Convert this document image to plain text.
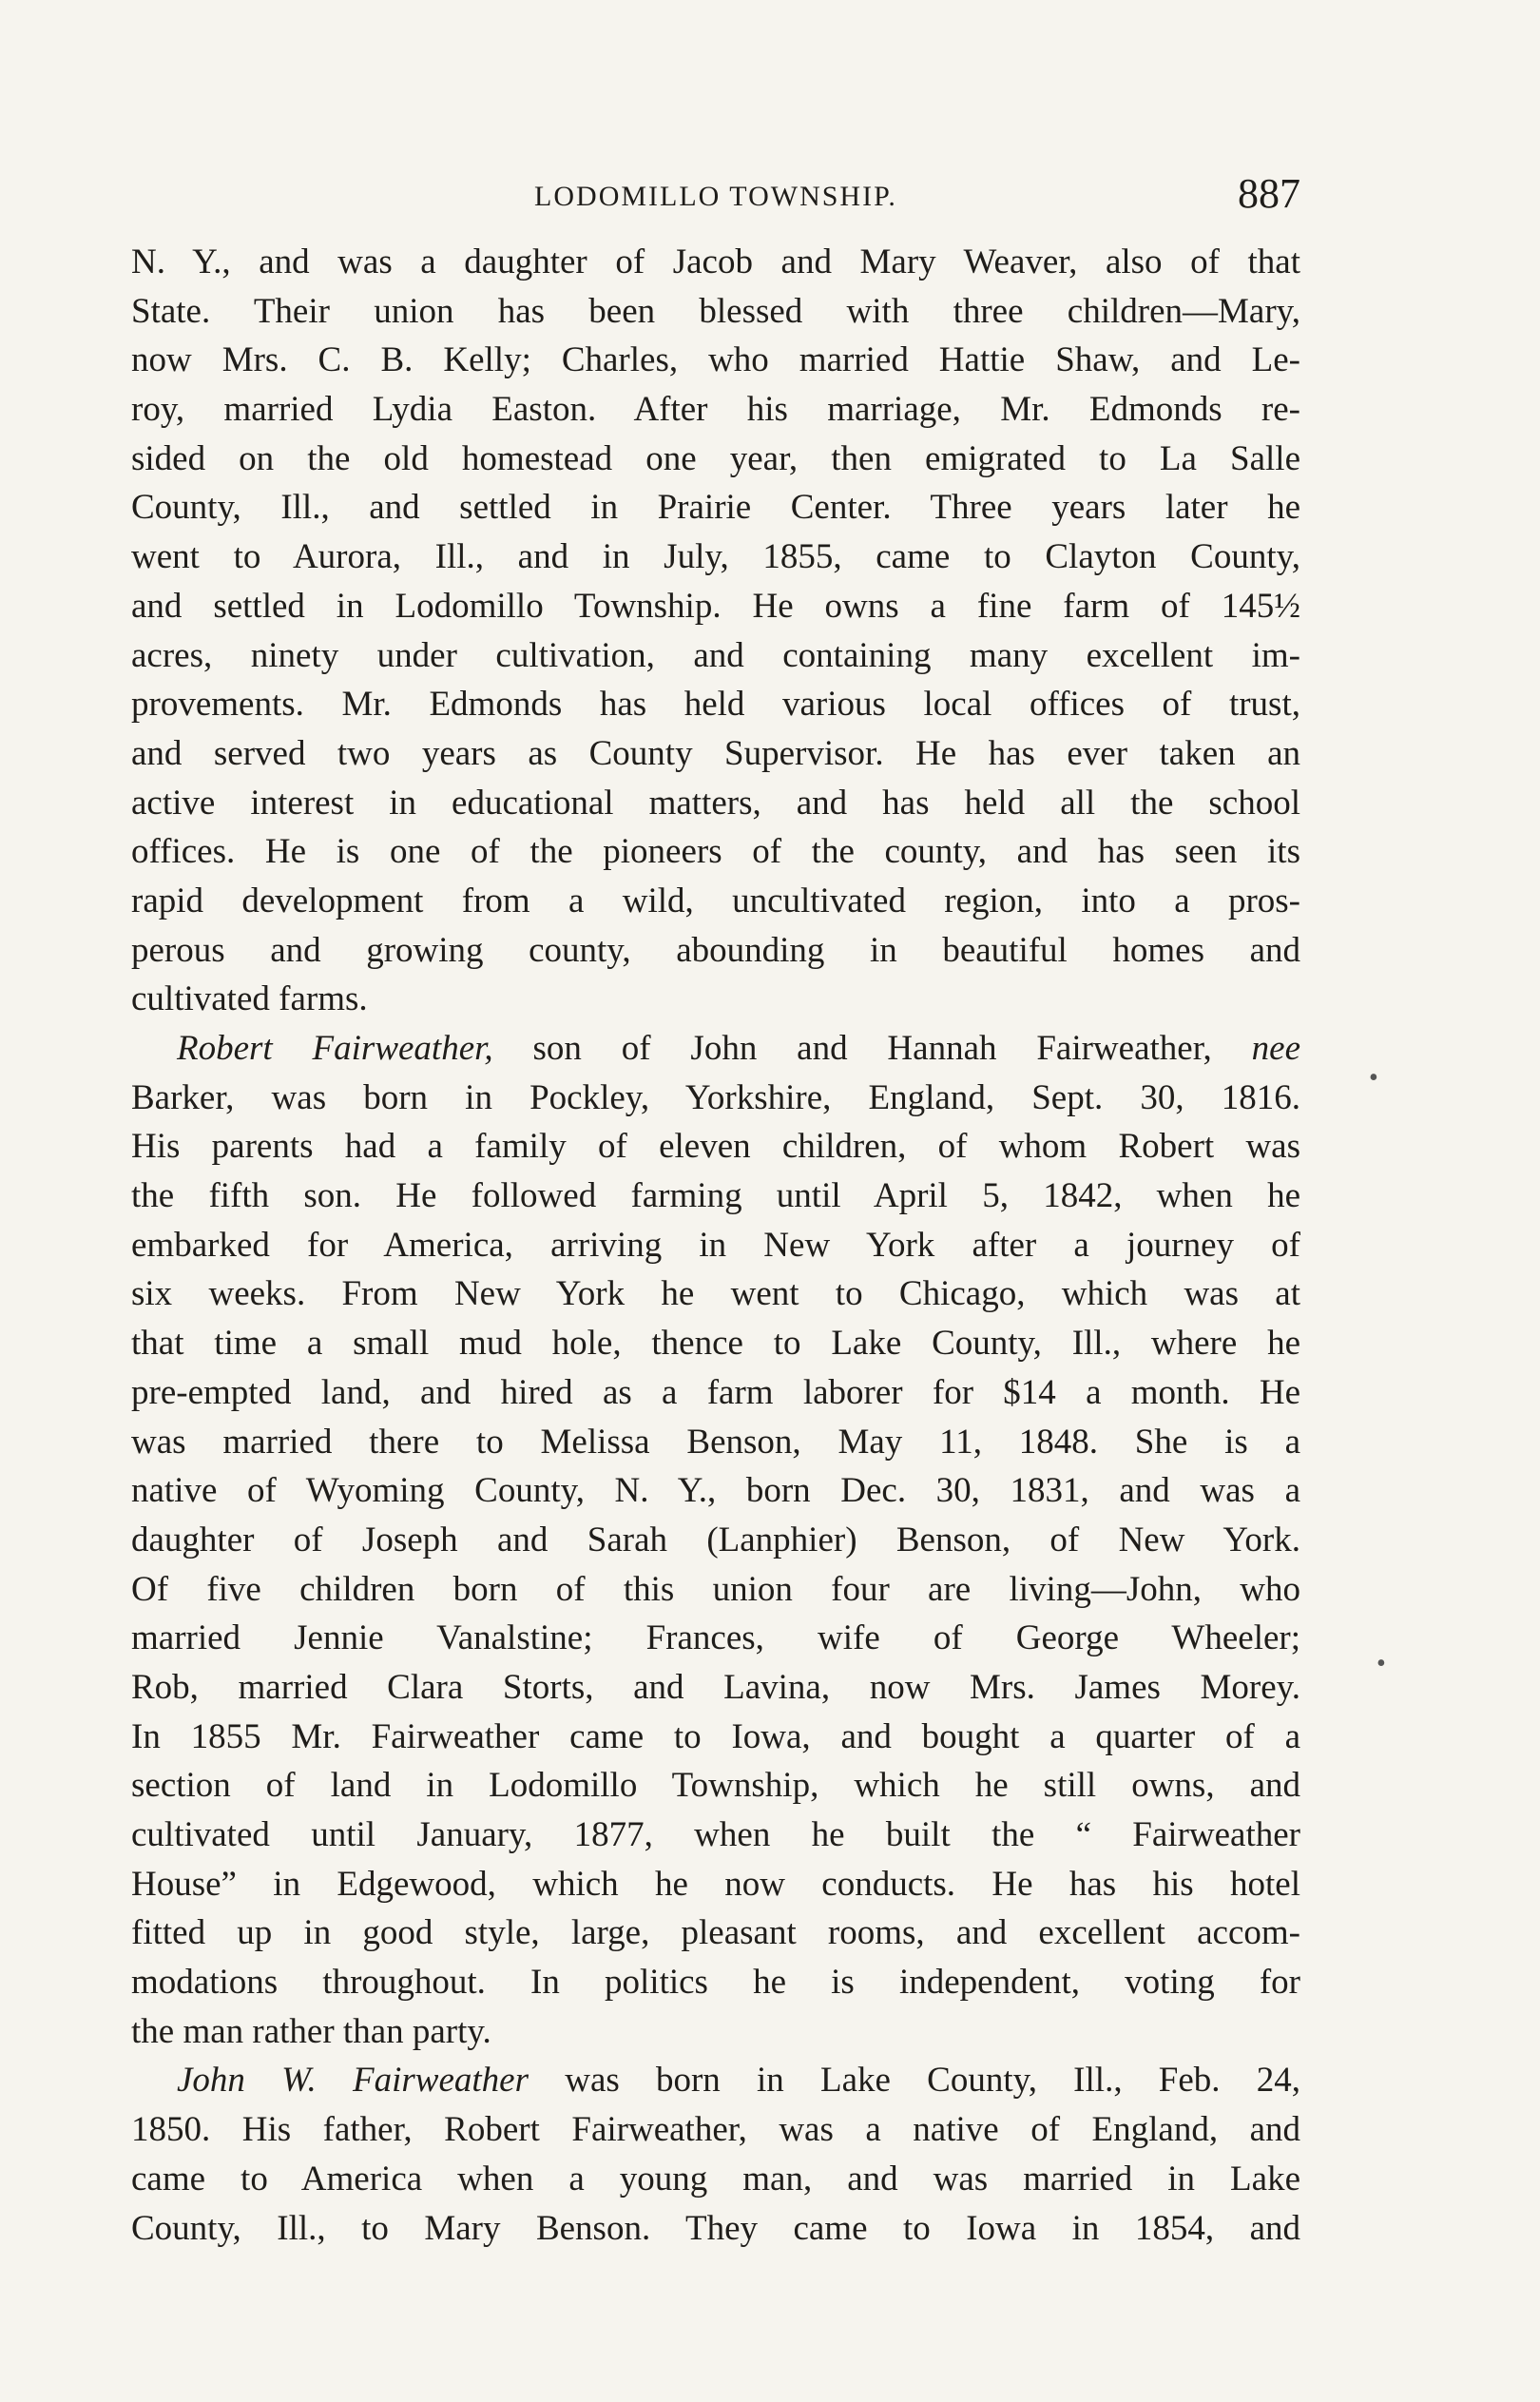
LODOMILLO TOWNSHIP.	887
•
•
N. Y., and was a daughter of Jacob and Mary Weaver, also of that
State. Their union has been blessed with three children—Mary,
now Mrs. C. B. Kelly; Charles, who married Hattie Shaw, and Le-
roy, married Lydia Easton. After his marriage, Mr. Edmonds re-
sided on the old homestead one year, then emigrated to La Salle
County, Ill., and settled in Prairie Center. Three years later he
went to Aurora, Ill., and in July, 1855, came to Clayton County,
and settled in Lodomillo Township. He owns a fine farm of 145½
acres, ninety under cultivation, and containing many excellent im-
provements. Mr. Edmonds has held various local offices of trust,
and served two years as County Supervisor. He has ever taken an
active interest in educational matters, and has held all the school
offices. He is one of the pioneers of the county, and has seen its
rapid development from a wild, uncultivated region, into a pros-
perous and growing county, abounding in beautiful homes and
cultivated farms.
Robert Fairweather, son of John and Hannah Fairweather, nee
Barker, was born in Pockley, Yorkshire, England, Sept. 30, 1816.
His parents had a family of eleven children, of whom Robert was
the fifth son. He followed farming until April 5, 1842, when he
embarked for America, arriving in New York after a journey of
six weeks. From New York he went to Chicago, which was at
that time a small mud hole, thence to Lake County, Ill., where he
pre-empted land, and hired as a farm laborer for $14 a month. He
was married there to Melissa Benson, May 11, 1848. She is a
native of Wyoming County, N. Y., born Dec. 30, 1831, and was a
daughter of Joseph and Sarah (Lanphier) Benson, of New York.
Of five children born of this union four are living—John, who
married Jennie Vanalstine; Frances, wife of George Wheeler;
Rob, married Clara Storts, and Lavina, now Mrs. James Morey.
In 1855 Mr. Fairweather came to Iowa, and bought a quarter of a
section of land in Lodomillo Township, which he still owns, and
cultivated until January, 1877, when he built the “ Fairweather
House” in Edgewood, which he now conducts. He has his hotel
fitted up in good style, large, pleasant rooms, and excellent accom-
modations throughout. In politics he is independent, voting for
the man rather than party.
John W. Fairweather was born in Lake County, Ill., Feb. 24,
1850. His father, Robert Fairweather, was a native of England, and
came to America when a young man, and was married in Lake
County, Ill., to Mary Benson. They came to Iowa in 1854, and
